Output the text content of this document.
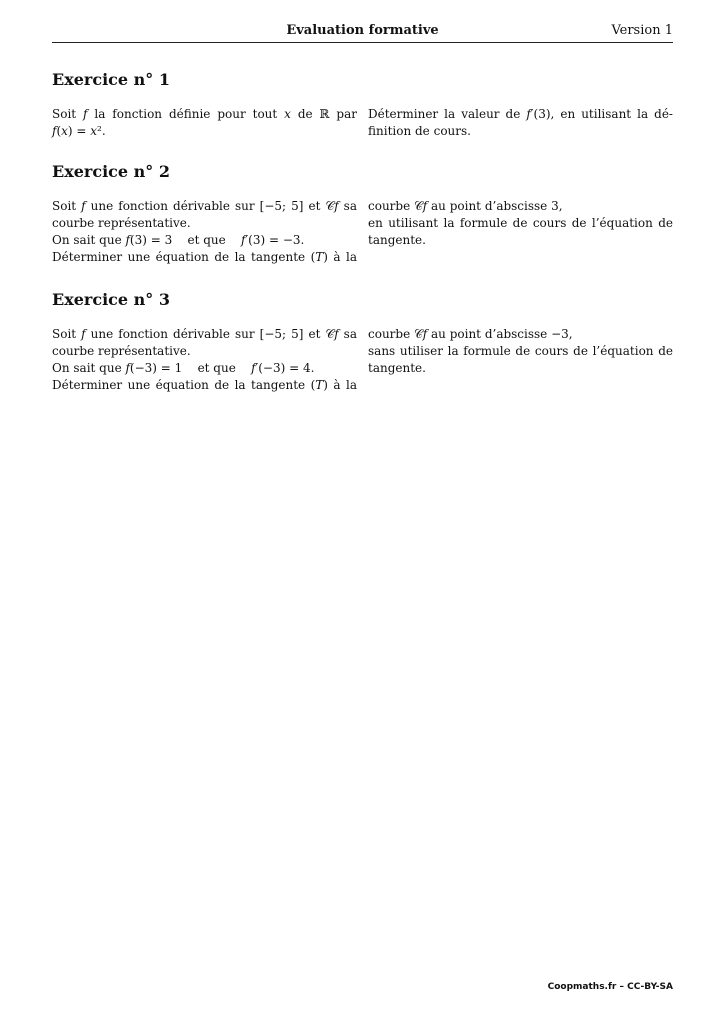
Evaluation formative	Version 1
Exercice n° 1
Soit 𝑓 la fonction définie pour tout 𝑥 de ℝ par
𝑓(𝑥) = 𝑥².
Déterminer la valeur de 𝑓′(3), en utilisant la dé-
finition de cours.
Exercice n° 2
Soit 𝑓 une fonction dérivable sur [−5; 5] et 𝒞𝑓 sa
courbe représentative.
On sait que 𝑓(3) = 3    et que    𝑓′(3) = −3.
Déterminer une équation de la tangente (𝑇) à la
courbe 𝒞𝑓 au point d’abscisse 3,
en utilisant la formule de cours de l’équation de
tangente.
Exercice n° 3
Soit 𝑓 une fonction dérivable sur [−5; 5] et 𝒞𝑓 sa
courbe représentative.
On sait que 𝑓(−3) = 1    et que    𝑓′(−3) = 4.
Déterminer une équation de la tangente (𝑇) à la
courbe 𝒞𝑓 au point d’abscisse −3,
sans utiliser la formule de cours de l’équation de
tangente.
Coopmaths.fr – CC-BY-SA
